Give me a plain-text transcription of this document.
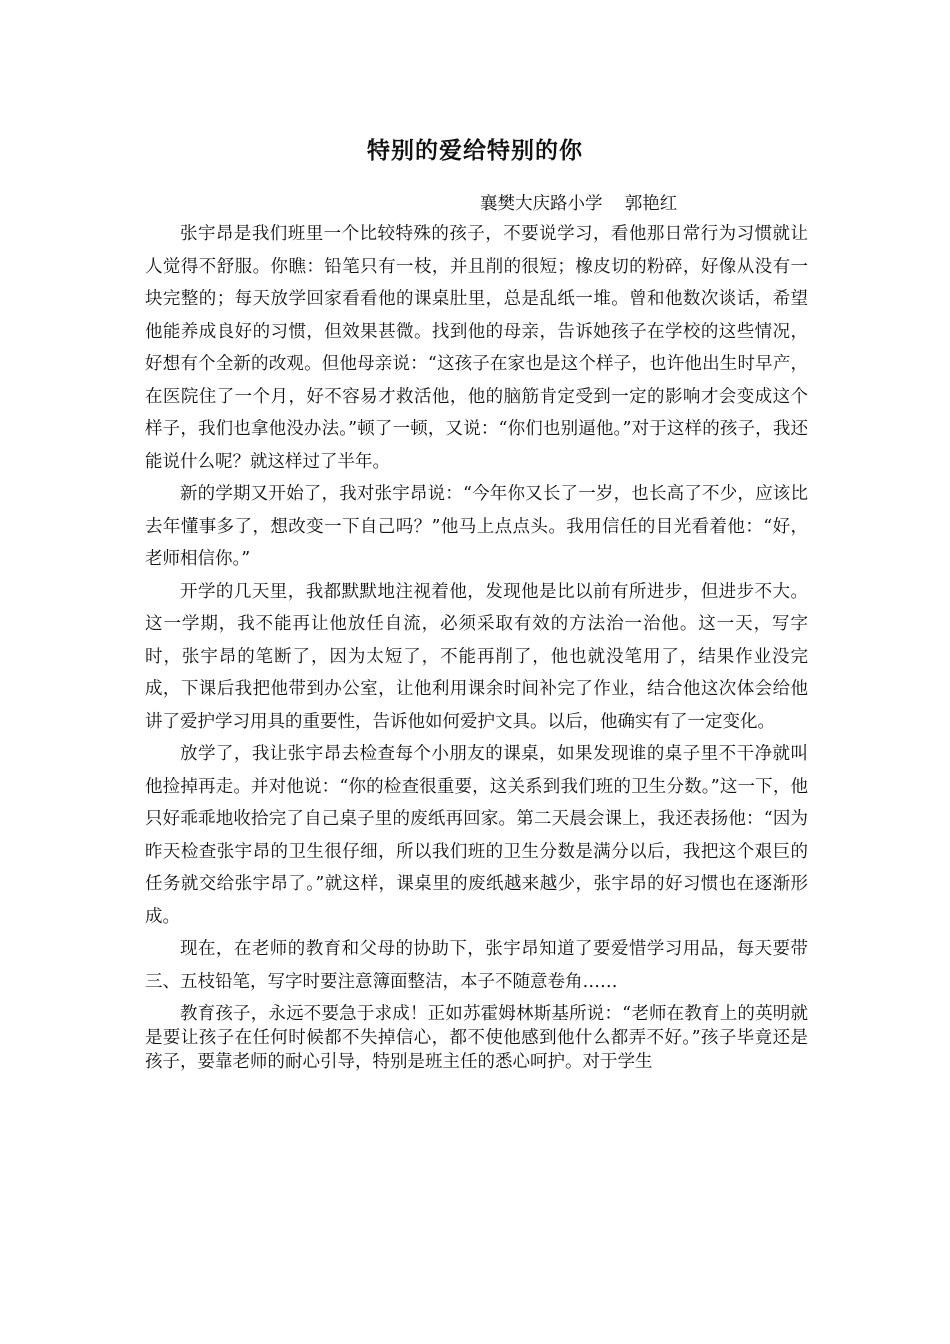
特别的爱给特别的你
襄樊大庆路小学    郭艳红

张宇昂是我们班里一个比较特殊的孩子，不要说学习，看他那日常行为习惯就让人觉得不舒服。你瞧：铅笔只有一枝，并且削的很短；橡皮切的粉碎，好像从没有一块完整的；每天放学回家看看他的课桌肚里，总是乱纸一堆。曾和他数次谈话，希望他能养成良好的习惯，但效果甚微。找到他的母亲，告诉她孩子在学校的这些情况，好想有个全新的改观。但他母亲说：“这孩子在家也是这个样子，也许他出生时早产，在医院住了一个月，好不容易才救活他，他的脑筋肯定受到一定的影响才会变成这个样子，我们也拿他没办法。”顿了一顿，又说：“你们也别逼他。”对于这样的孩子，我还能说什么呢？就这样过了半年。

新的学期又开始了，我对张宇昂说：“今年你又长了一岁，也长高了不少，应该比去年懂事多了，想改变一下自己吗？”他马上点点头。我用信任的目光看着他：“好，老师相信你。”

开学的几天里，我都默默地注视着他，发现他是比以前有所进步，但进步不大。这一学期，我不能再让他放任自流，必须采取有效的方法治一治他。这一天，写字时，张宇昂的笔断了，因为太短了，不能再削了，他也就没笔用了，结果作业没完成，下课后我把他带到办公室，让他利用课余时间补完了作业，结合他这次体会给他讲了爱护学习用具的重要性，告诉他如何爱护文具。以后，他确实有了一定变化。

放学了，我让张宇昂去检查每个小朋友的课桌，如果发现谁的桌子里不干净就叫他捡掉再走。并对他说：“你的检查很重要，这关系到我们班的卫生分数。”这一下，他只好乖乖地收拾完了自己桌子里的废纸再回家。第二天晨会课上，我还表扬他：“因为昨天检查张宇昂的卫生很仔细，所以我们班的卫生分数是满分以后，我把这个艰巨的任务就交给张宇昂了。”就这样，课桌里的废纸越来越少，张宇昂的好习惯也在逐渐形成。

现在，在老师的教育和父母的协助下，张宇昂知道了要爱惜学习用品，每天要带三、五枝铅笔，写字时要注意簿面整洁，本子不随意卷角……

教育孩子，永远不要急于求成！正如苏霍姆林斯基所说：“老师在教育上的英明就是要让孩子在任何时候都不失掉信心，都不使他感到他什么都弄不好。”孩子毕竟还是孩子，要靠老师的耐心引导，特别是班主任的悉心呵护。对于学生
